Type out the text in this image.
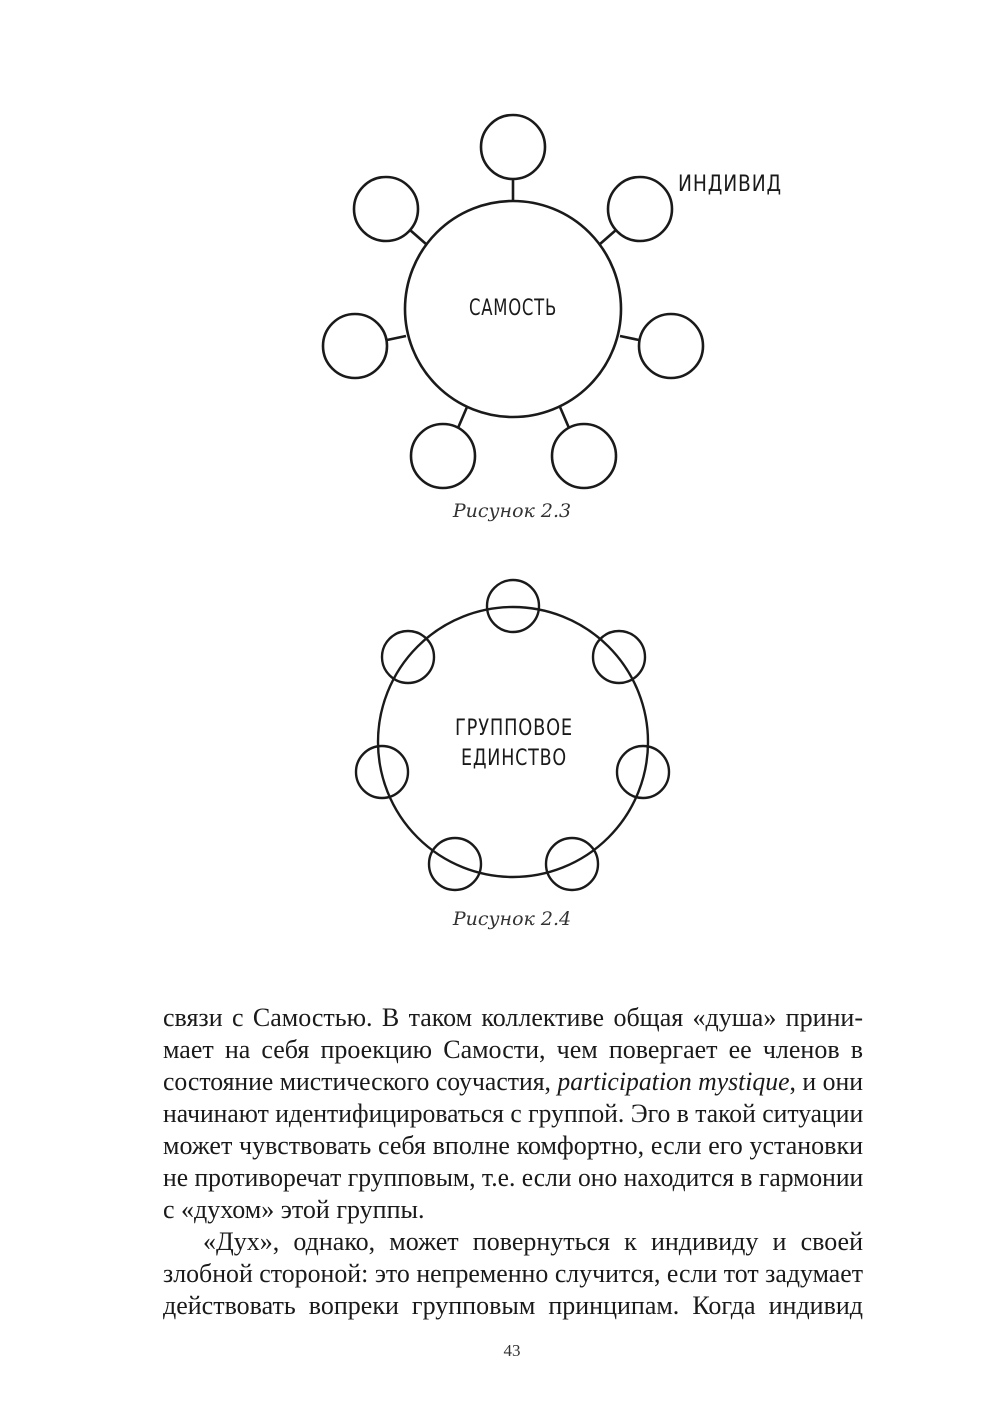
САМОСТЬ
ИНДИВИД
ГРУППОВОЕ
ЕДИНСТВО
Рисунок 2.3
Рисунок 2.4
связи с Самостью. В таком коллективе общая «душа» прини-
мает на себя проекцию Самости, чем повергает ее членов в
состояние мистического соучастия, participation mystique, и они
начинают идентифицироваться с группой. Эго в такой ситуации
может чувствовать себя вполне комфортно, если его установки
не противоречат групповым, т.е. если оно находится в гармонии
с «духом» этой группы.
«Дух», однако, может повернуться к индивиду и своей
злобной стороной: это непременно случится, если тот задумает
действовать вопреки групповым принципам. Когда индивид
43
